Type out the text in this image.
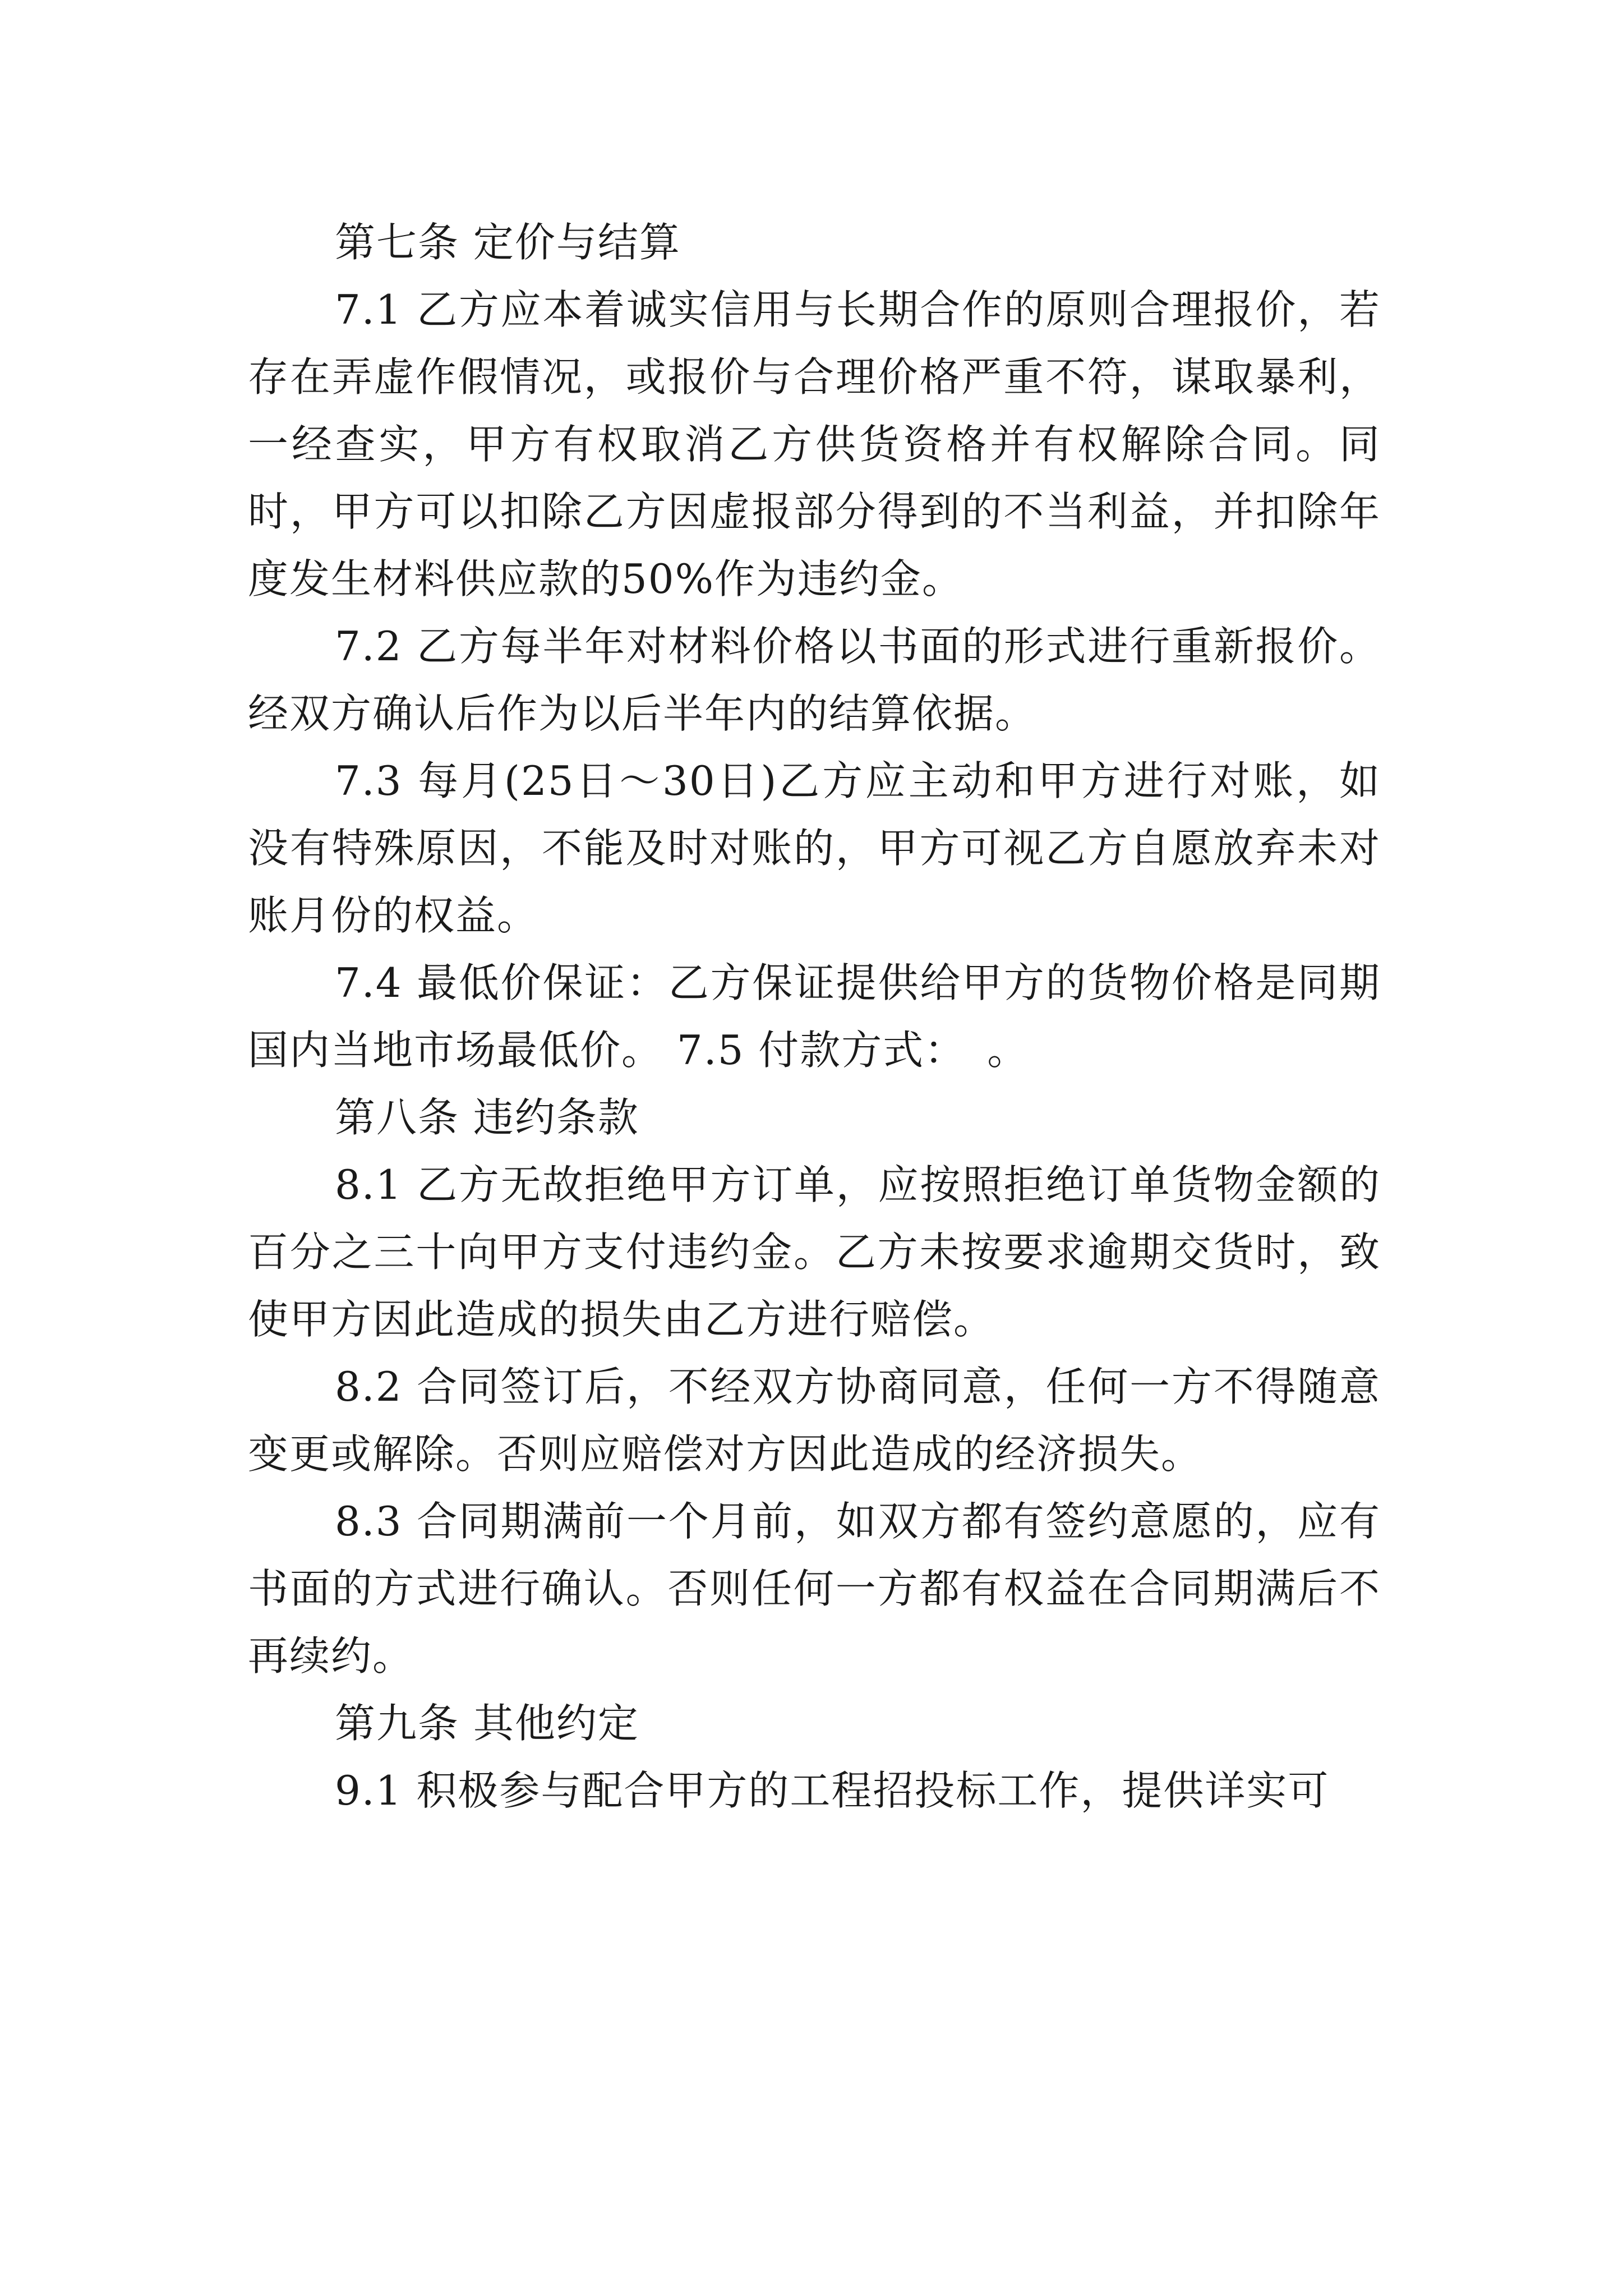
第七条 定价与结算

7.1 乙方应本着诚实信用与长期合作的原则合理报价，若存在弄虚作假情况，或报价与合理价格严重不符，谋取暴利，一经查实，甲方有权取消乙方供货资格并有权解除合同。同时，甲方可以扣除乙方因虚报部分得到的不当利益，并扣除年度发生材料供应款的50%作为违约金。

7.2 乙方每半年对材料价格以书面的形式进行重新报价。经双方确认后作为以后半年内的结算依据。

7.3 每月(25日～30日)乙方应主动和甲方进行对账，如没有特殊原因，不能及时对账的，甲方可视乙方自愿放弃未对账月份的权益。

7.4 最低价保证：乙方保证提供给甲方的货物价格是同期国内当地市场最低价。 7.5 付款方式：　。

第八条 违约条款

8.1 乙方无故拒绝甲方订单，应按照拒绝订单货物金额的百分之三十向甲方支付违约金。乙方未按要求逾期交货时，致使甲方因此造成的损失由乙方进行赔偿。

8.2 合同签订后，不经双方协商同意，任何一方不得随意变更或解除。否则应赔偿对方因此造成的经济损失。

8.3 合同期满前一个月前，如双方都有签约意愿的，应有书面的方式进行确认。否则任何一方都有权益在合同期满后不再续约。

第九条 其他约定

9.1 积极参与配合甲方的工程招投标工作，提供详实可
